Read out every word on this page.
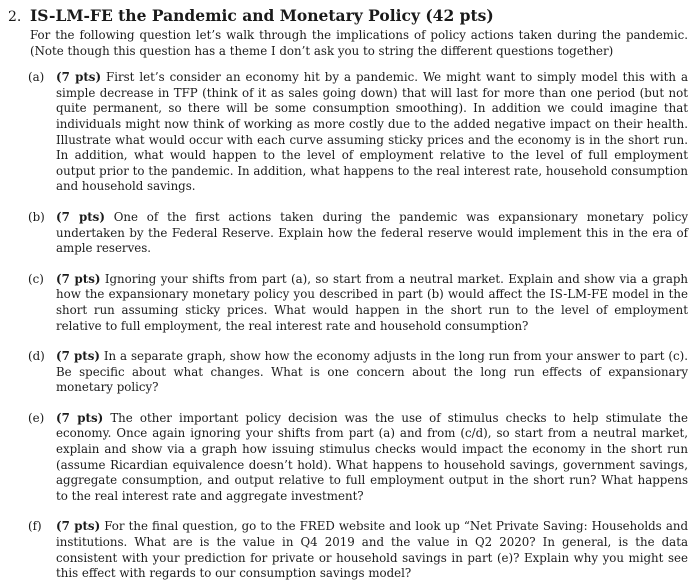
2. IS-LM-FE the Pandemic and Monetary Policy (42 pts)

For the following question let’s walk through the implications of policy actions taken during the pandemic. (Note though this question has a theme I don’t ask you to string the different questions together)

(a) (7 pts) First let’s consider an economy hit by a pandemic. We might want to simply model this with a simple decrease in TFP (think of it as sales going down) that will last for more than one period (but not quite permanent, so there will be some consumption smoothing). In addition we could imagine that individuals might now think of working as more costly due to the added negative impact on their health. Illustrate what would occur with each curve assuming sticky prices and the economy is in the short run. In addition, what would happen to the level of employment relative to the level of full employment output prior to the pandemic. In addition, what happens to the real interest rate, household consumption and household savings.
(b) (7 pts) One of the first actions taken during the pandemic was expansionary monetary policy undertaken by the Federal Reserve. Explain how the federal reserve would implement this in the era of ample reserves.
(c)	(7 pts) Ignoring your shifts from part (a), so start from a neutral market. Explain and show via a graph how the expansionary monetary policy you described in part (b) would affect the IS-LM-FE model in the short run assuming sticky prices. What would happen in the short run to the level of employment relative to full employment, the real interest rate and household consumption?
(d) (7 pts) In a separate graph, show how the economy adjusts in the long run from your answer to part (c). Be specific about what changes. What is one concern about the long run effects of expansionary monetary policy?
(e)	(7 pts) The other important policy decision was the use of stimulus checks to help stimulate the economy. Once again ignoring your shifts from part (a) and from (c/d), so start from a neutral market, explain and show via a graph how issuing stimulus checks would impact the economy in the short run (assume Ricardian equivalence doesn’t hold). What happens to household savings, government savings, aggregate consumption, and output relative to full employment output in the short run? What happens to the real interest rate and aggregate investment?
(f)	(7 pts) For the final question, go to the FRED website and look up “Net Private Saving: Households and institutions. What are is the value in Q4 2019 and the value in Q2 2020? In general, is the data consistent with your prediction for private or household savings in part (e)? Explain why you might see this effect with regards to our consumption savings model?
